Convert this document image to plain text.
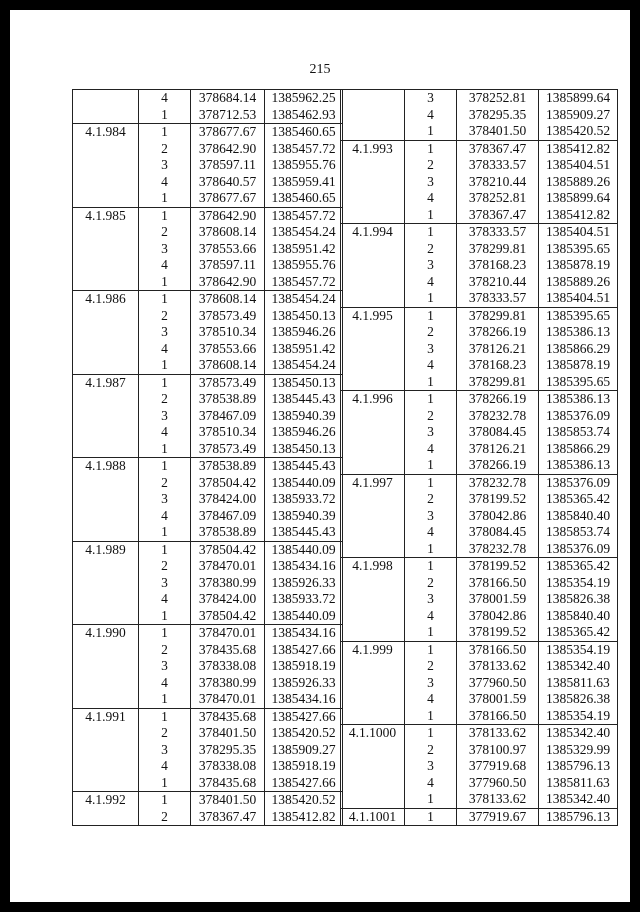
215
	4	378684.14	1385962.25
	1	378712.53	1385462.93
4.1.984	1	378677.67	1385460.65
	2	378642.90	1385457.72
	3	378597.11	1385955.76
	4	378640.57	1385959.41
	1	378677.67	1385460.65
4.1.985	1	378642.90	1385457.72
	2	378608.14	1385454.24
	3	378553.66	1385951.42
	4	378597.11	1385955.76
	1	378642.90	1385457.72
4.1.986	1	378608.14	1385454.24
	2	378573.49	1385450.13
	3	378510.34	1385946.26
	4	378553.66	1385951.42
	1	378608.14	1385454.24
4.1.987	1	378573.49	1385450.13
	2	378538.89	1385445.43
	3	378467.09	1385940.39
	4	378510.34	1385946.26
	1	378573.49	1385450.13
4.1.988	1	378538.89	1385445.43
	2	378504.42	1385440.09
	3	378424.00	1385933.72
	4	378467.09	1385940.39
	1	378538.89	1385445.43
4.1.989	1	378504.42	1385440.09
	2	378470.01	1385434.16
	3	378380.99	1385926.33
	4	378424.00	1385933.72
	1	378504.42	1385440.09
4.1.990	1	378470.01	1385434.16
	2	378435.68	1385427.66
	3	378338.08	1385918.19
	4	378380.99	1385926.33
	1	378470.01	1385434.16
4.1.991	1	378435.68	1385427.66
	2	378401.50	1385420.52
	3	378295.35	1385909.27
	4	378338.08	1385918.19
	1	378435.68	1385427.66
4.1.992	1	378401.50	1385420.52
	2	378367.47	1385412.82
	3	378252.81	1385899.64
	4	378295.35	1385909.27
	1	378401.50	1385420.52
4.1.993	1	378367.47	1385412.82
	2	378333.57	1385404.51
	3	378210.44	1385889.26
	4	378252.81	1385899.64
	1	378367.47	1385412.82
4.1.994	1	378333.57	1385404.51
	2	378299.81	1385395.65
	3	378168.23	1385878.19
	4	378210.44	1385889.26
	1	378333.57	1385404.51
4.1.995	1	378299.81	1385395.65
	2	378266.19	1385386.13
	3	378126.21	1385866.29
	4	378168.23	1385878.19
	1	378299.81	1385395.65
4.1.996	1	378266.19	1385386.13
	2	378232.78	1385376.09
	3	378084.45	1385853.74
	4	378126.21	1385866.29
	1	378266.19	1385386.13
4.1.997	1	378232.78	1385376.09
	2	378199.52	1385365.42
	3	378042.86	1385840.40
	4	378084.45	1385853.74
	1	378232.78	1385376.09
4.1.998	1	378199.52	1385365.42
	2	378166.50	1385354.19
	3	378001.59	1385826.38
	4	378042.86	1385840.40
	1	378199.52	1385365.42
4.1.999	1	378166.50	1385354.19
	2	378133.62	1385342.40
	3	377960.50	1385811.63
	4	378001.59	1385826.38
	1	378166.50	1385354.19
4.1.1000	1	378133.62	1385342.40
	2	378100.97	1385329.99
	3	377919.68	1385796.13
	4	377960.50	1385811.63
	1	378133.62	1385342.40
4.1.1001	1	377919.67	1385796.13
